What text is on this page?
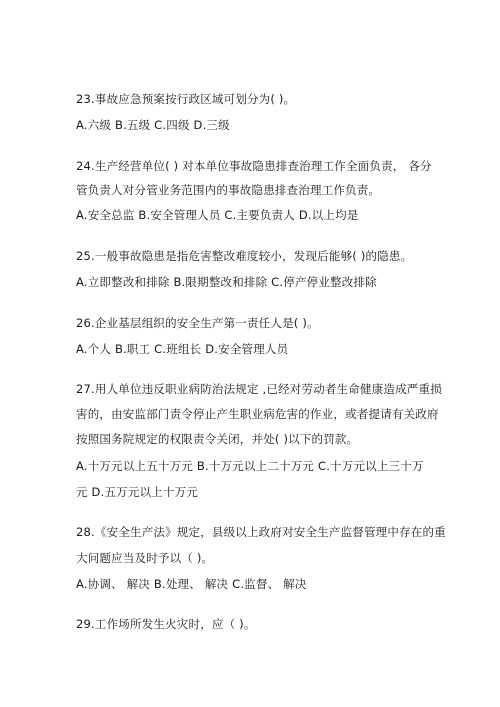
23.事故应急预案按行政区域可划分为( )。
A.六级 B.五级 C.四级 D.三级
24.生产经营单位( ) 对本单位事故隐患排查治理工作全面负责， 各分
管负责人对分管业务范围内的事故隐患排查治理工作负责。
A.安全总监 B.安全管理人员 C.主要负责人 D.以上均是
25.一般事故隐患是指危害整改难度较小，发现后能够( )的隐患。
A.立即整改和排除 B.限期整改和排除 C.停产停业整改排除
26.企业基层组织的安全生产第一责任人是( )。
A.个人 B.职工 C.班组长 D.安全管理人员
27.用人单位违反职业病防治法规定 ,已经对劳动者生命健康造成严重损
害的，由安监部门责令停止产生职业病危害的作业，或者提请有关政府
按照国务院规定的权限责令关闭，并处( )以下的罚款。
A.十万元以上五十万元 B.十万元以上二十万元 C.十万元以上三十万
元 D.五万元以上十万元
28.《安全生产法》规定，县级以上政府对安全生产监督管理中存在的重
大问题应当及时予以（ )。
A.协调、 解决 B.处理、 解决 C.监督、 解决
29.工作场所发生火灾时，应（ )。
